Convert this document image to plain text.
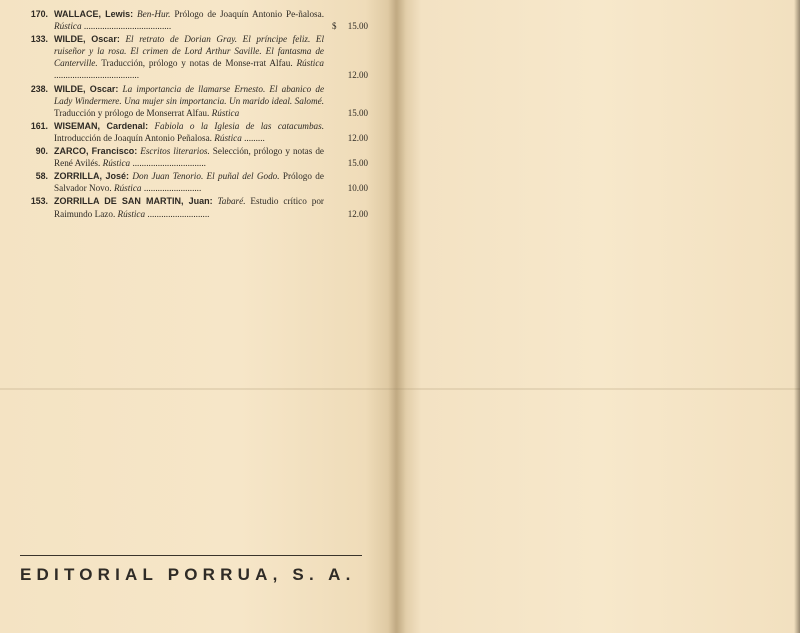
170. WALLACE, Lewis: Ben-Hur. Prólogo de Joaquín Antonio Pe-ñalosa. Rústica ......................................	$ 15.00
133. WILDE, Oscar: El retrato de Dorian Gray. El príncipe feliz. El ruiseñor y la rosa. El crimen de Lord Arthur Saville. El fantasma de Canterville. Traducción, prólogo y notas de Monse-rrat Alfau. Rústica .....................................	12.00
238. WILDE, Oscar: La importancia de llamarse Ernesto. El abanico de Lady Windermere. Una mujer sin importancia. Un marido ideal. Salomé. Traducción y prólogo de Monserrat Alfau. Rústica	15.00
161. WISEMAN, Cardenal: Fabiola o la Iglesia de las catacumbas. Introducción de Joaquín Antonio Peñalosa. Rústica .........	12.00
90. ZARCO, Francisco: Escritos literarios. Selección, prólogo y notas de René Avilés. Rústica ................................	15.00
58. ZORRILLA, José: Don Juan Tenorio. El puñal del Godo. Prólogo de Salvador Novo. Rústica .........................	10.00
153. ZORRILLA DE SAN MARTIN, Juan: Tabaré. Estudio crítico por Raimundo Lazo. Rústica ...........................	12.00
EDITORIAL PORRUA, S. A.
